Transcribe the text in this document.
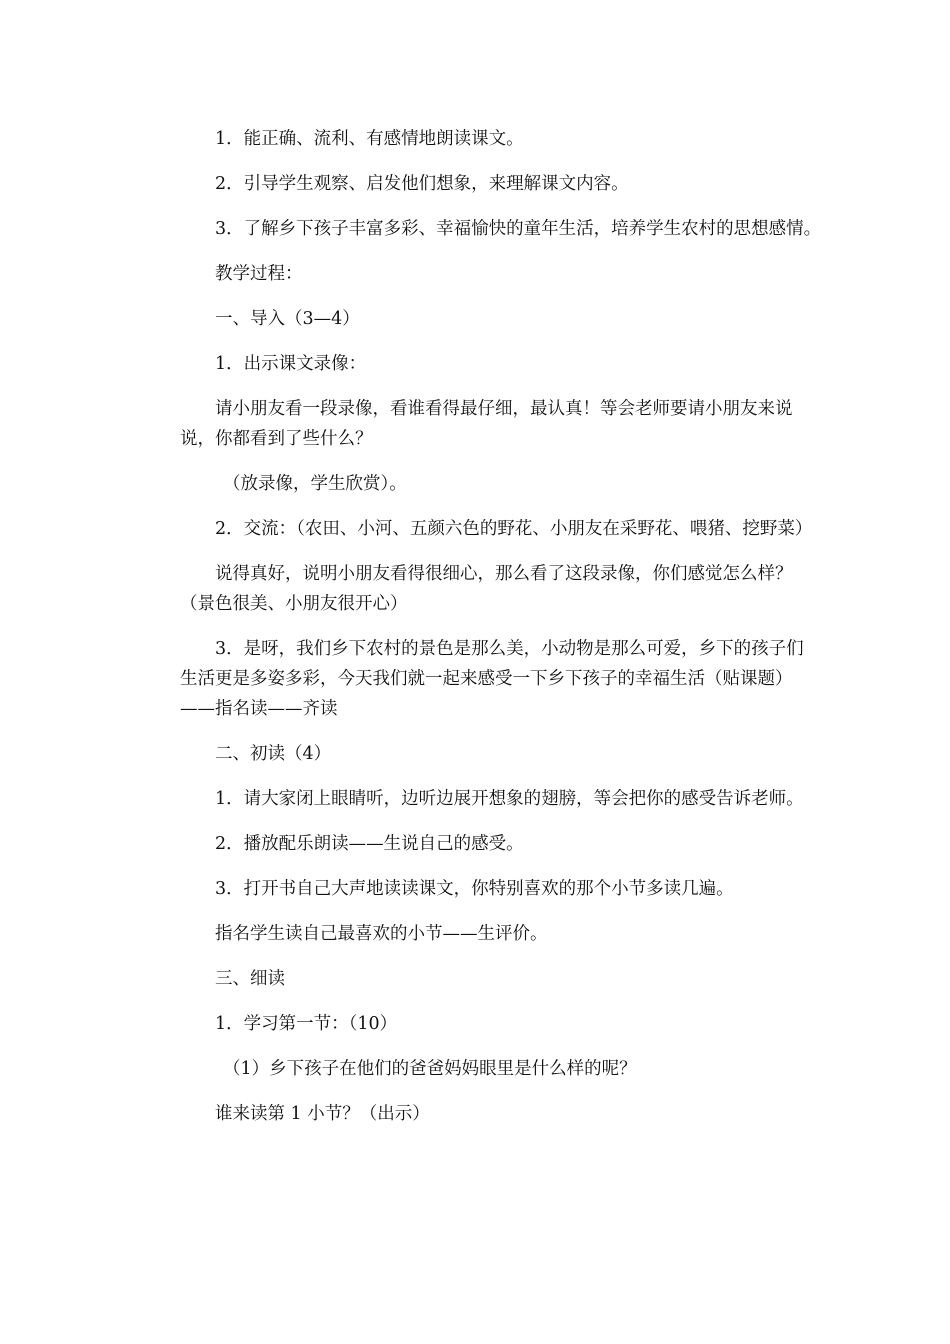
1．能正确、流利、有感情地朗读课文。
2．引导学生观察、启发他们想象，来理解课文内容。
3．了解乡下孩子丰富多彩、幸福愉快的童年生活，培养学生农村的思想感情。
教学过程：
一、导入（3—4）
1．出示课文录像：
请小朋友看一段录像，看谁看得最仔细，最认真！等会老师要请小朋友来说
说，你都看到了些什么？
（放录像，学生欣赏）。
2．交流：（农田、小河、五颜六色的野花、小朋友在采野花、喂猪、挖野菜）
说得真好，说明小朋友看得很细心，那么看了这段录像，你们感觉怎么样？
（景色很美、小朋友很开心）
3．是呀，我们乡下农村的景色是那么美，小动物是那么可爱，乡下的孩子们
生活更是多姿多彩，今天我们就一起来感受一下乡下孩子的幸福生活（贴课题）
——指名读——齐读
二、初读（4）
1．请大家闭上眼睛听，边听边展开想象的翅膀，等会把你的感受告诉老师。
2．播放配乐朗读——生说自己的感受。
3．打开书自己大声地读读课文，你特别喜欢的那个小节多读几遍。
指名学生读自己最喜欢的小节——生评价。
三、细读
1．学习第一节：（10）
（1）乡下孩子在他们的爸爸妈妈眼里是什么样的呢？
谁来读第 1 小节？（出示）
